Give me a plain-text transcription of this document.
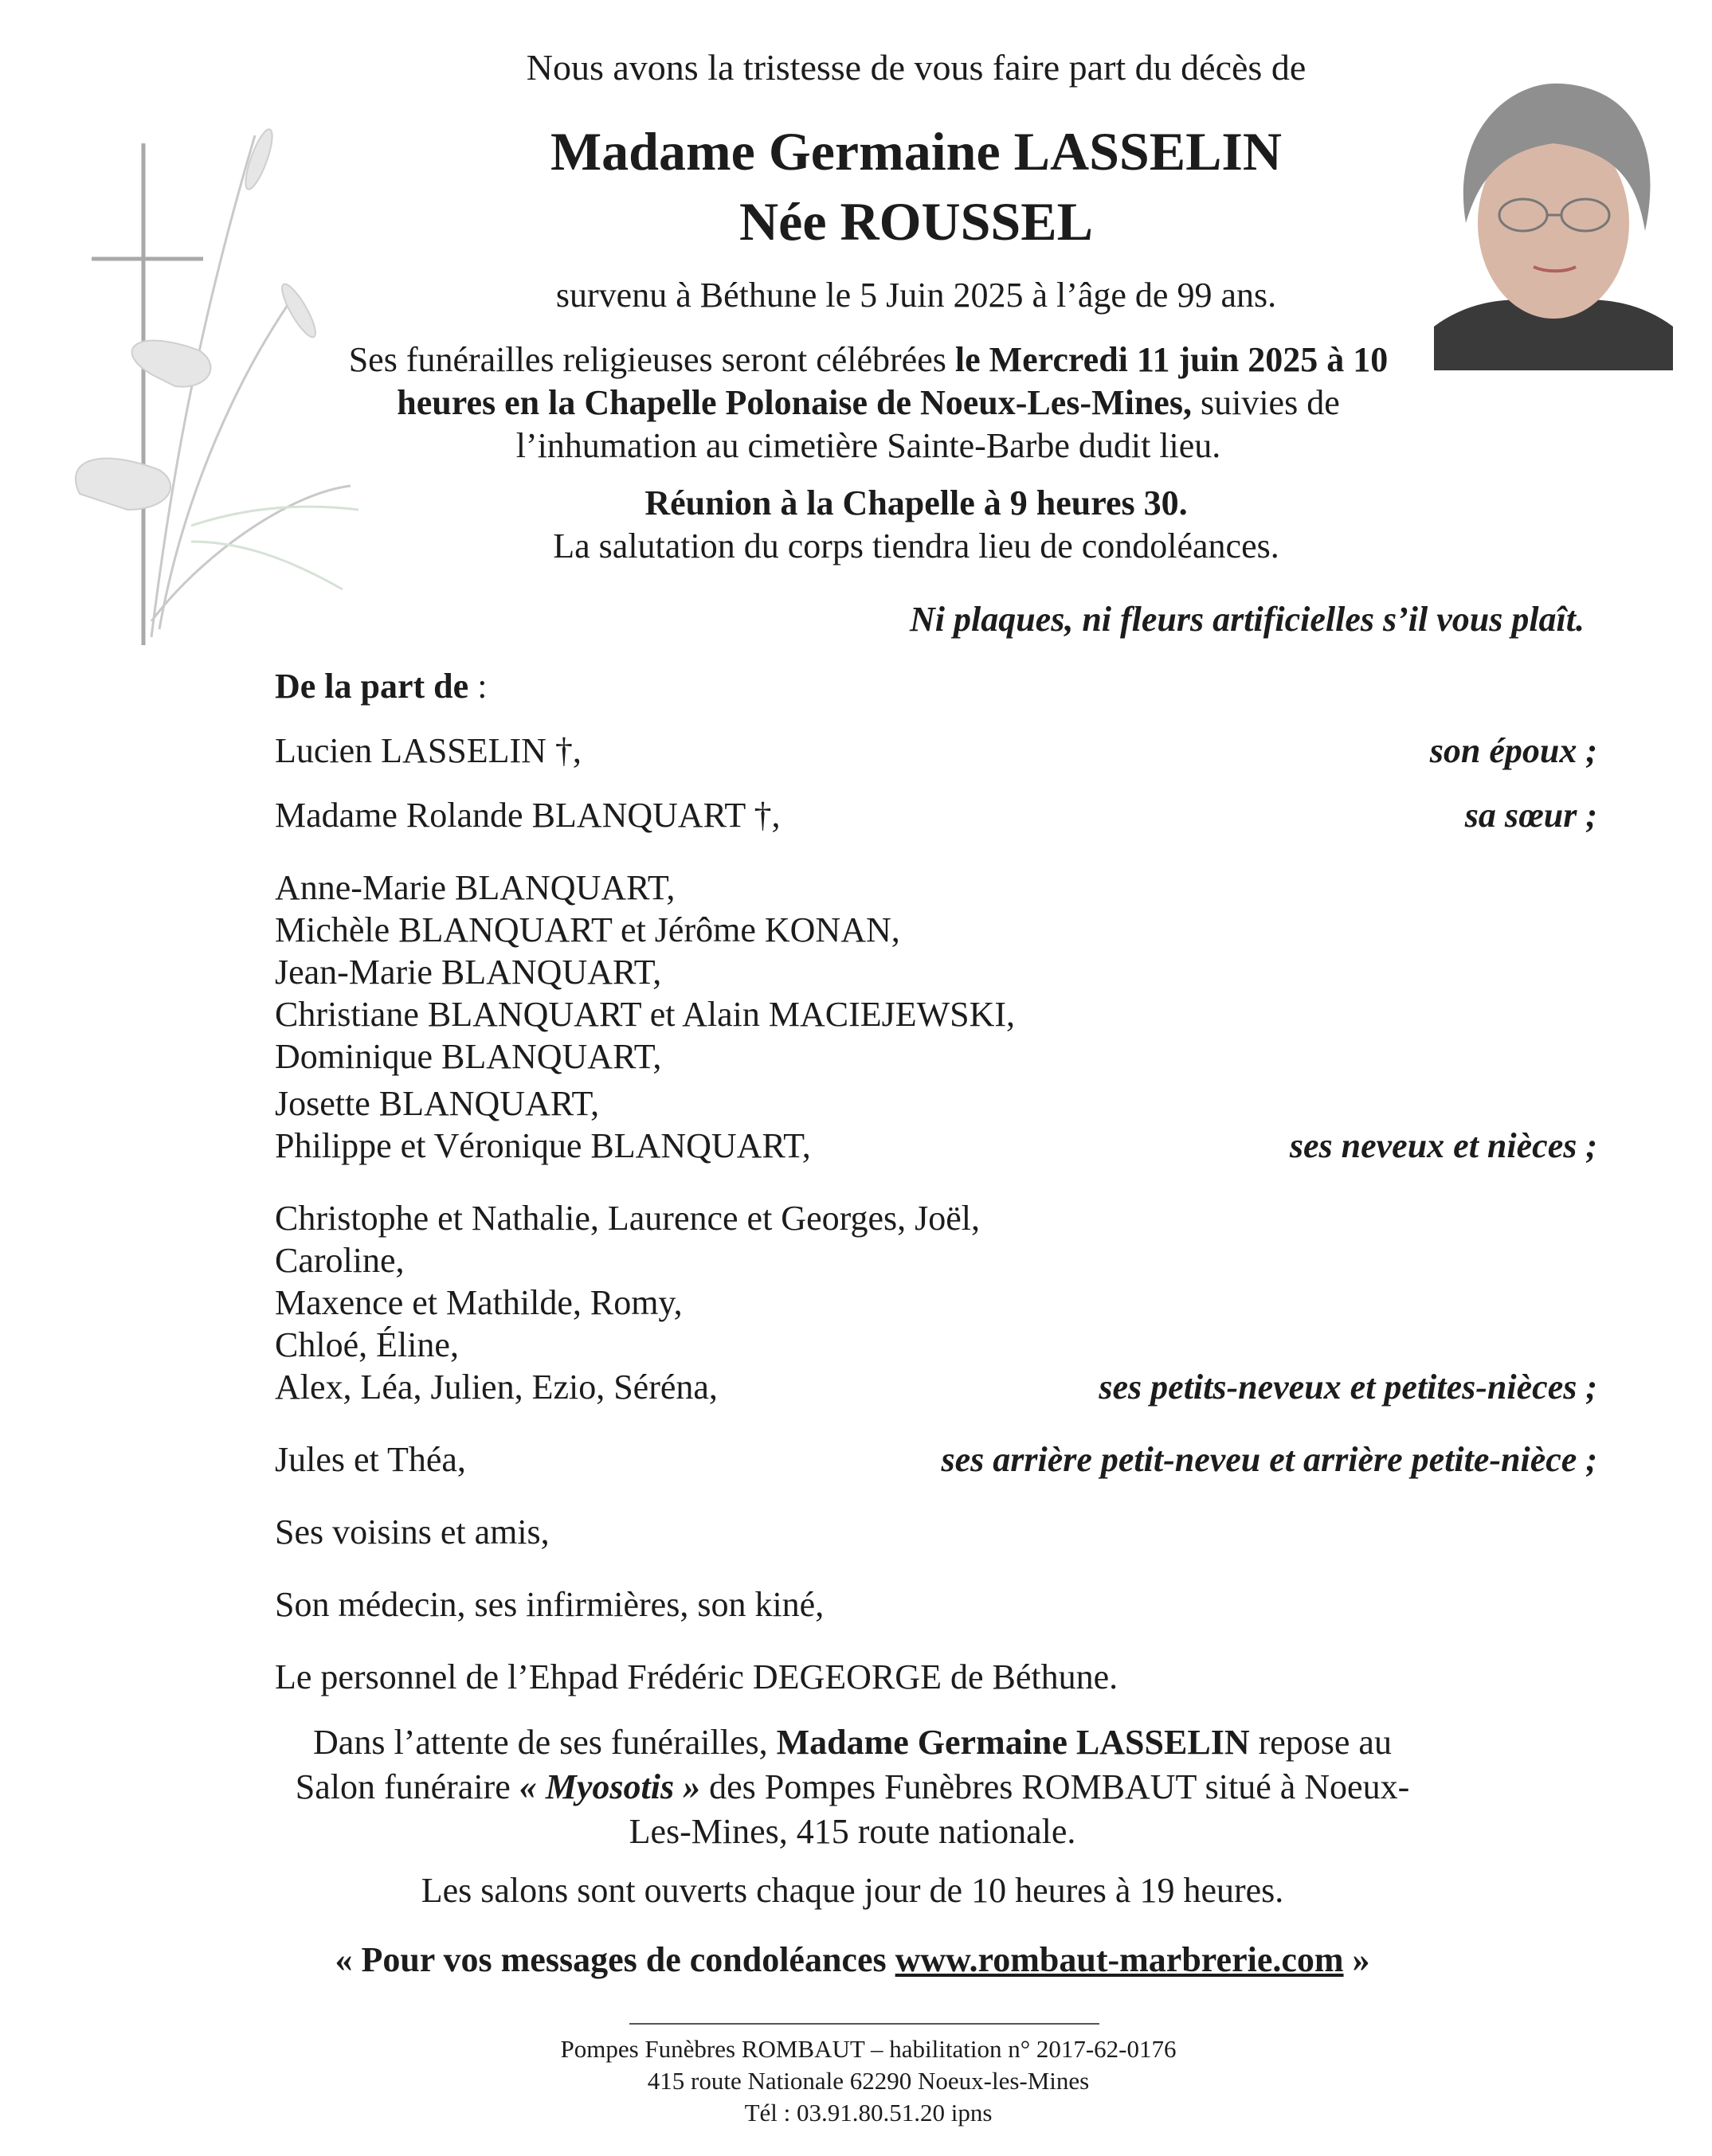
Nous avons la tristesse de vous faire part du décès de
Madame Germaine LASSELIN
Née ROUSSEL
survenu à Béthune le 5 Juin 2025 à l’âge de 99 ans.
Ses funérailles religieuses seront célébrées le Mercredi 11 juin 2025 à 10 heures en la Chapelle Polonaise de Noeux-Les-Mines, suivies de l’inhumation au cimetière Sainte-Barbe dudit lieu.

Réunion à la Chapelle à 9 heures 30.

La salutation du corps tiendra lieu de condoléances.

Ni plaques, ni fleurs artificielles s’il vous plaît.
De la part de :
Lucien LASSELIN †,	son époux ;
Madame Rolande BLANQUART †,	sa sœur ;
Anne-Marie BLANQUART,
Michèle BLANQUART et Jérôme KONAN,
Jean-Marie BLANQUART,
Christiane BLANQUART et Alain MACIEJEWSKI,
Dominique BLANQUART,
Josette BLANQUART,
Philippe et Véronique BLANQUART,	ses neveux et nièces ;
Christophe et Nathalie, Laurence et Georges, Joël,
Caroline,
Maxence et Mathilde, Romy,
Chloé, Éline,
Alex, Léa, Julien, Ezio, Séréna,	ses petits-neveux et petites-nièces ;
Jules et Théa,	ses arrière petit-neveu et arrière petite-nièce ;
Ses voisins et amis,
Son médecin, ses infirmières, son kiné,
Le personnel de l’Ehpad Frédéric DEGEORGE de Béthune.
Dans l’attente de ses funérailles, Madame Germaine LASSELIN repose au Salon funéraire « Myosotis » des Pompes Funèbres ROMBAUT situé à Noeux-Les-Mines, 415 route nationale.
Les salons sont ouverts chaque jour de 10 heures à 19 heures.
« Pour vos messages de condoléances www.rombaut-marbrerie.com »
Pompes Funèbres ROMBAUT – habilitation n° 2017-62-0176
415 route Nationale 62290 Noeux-les-Mines
Tél : 03.91.80.51.20 ipns
